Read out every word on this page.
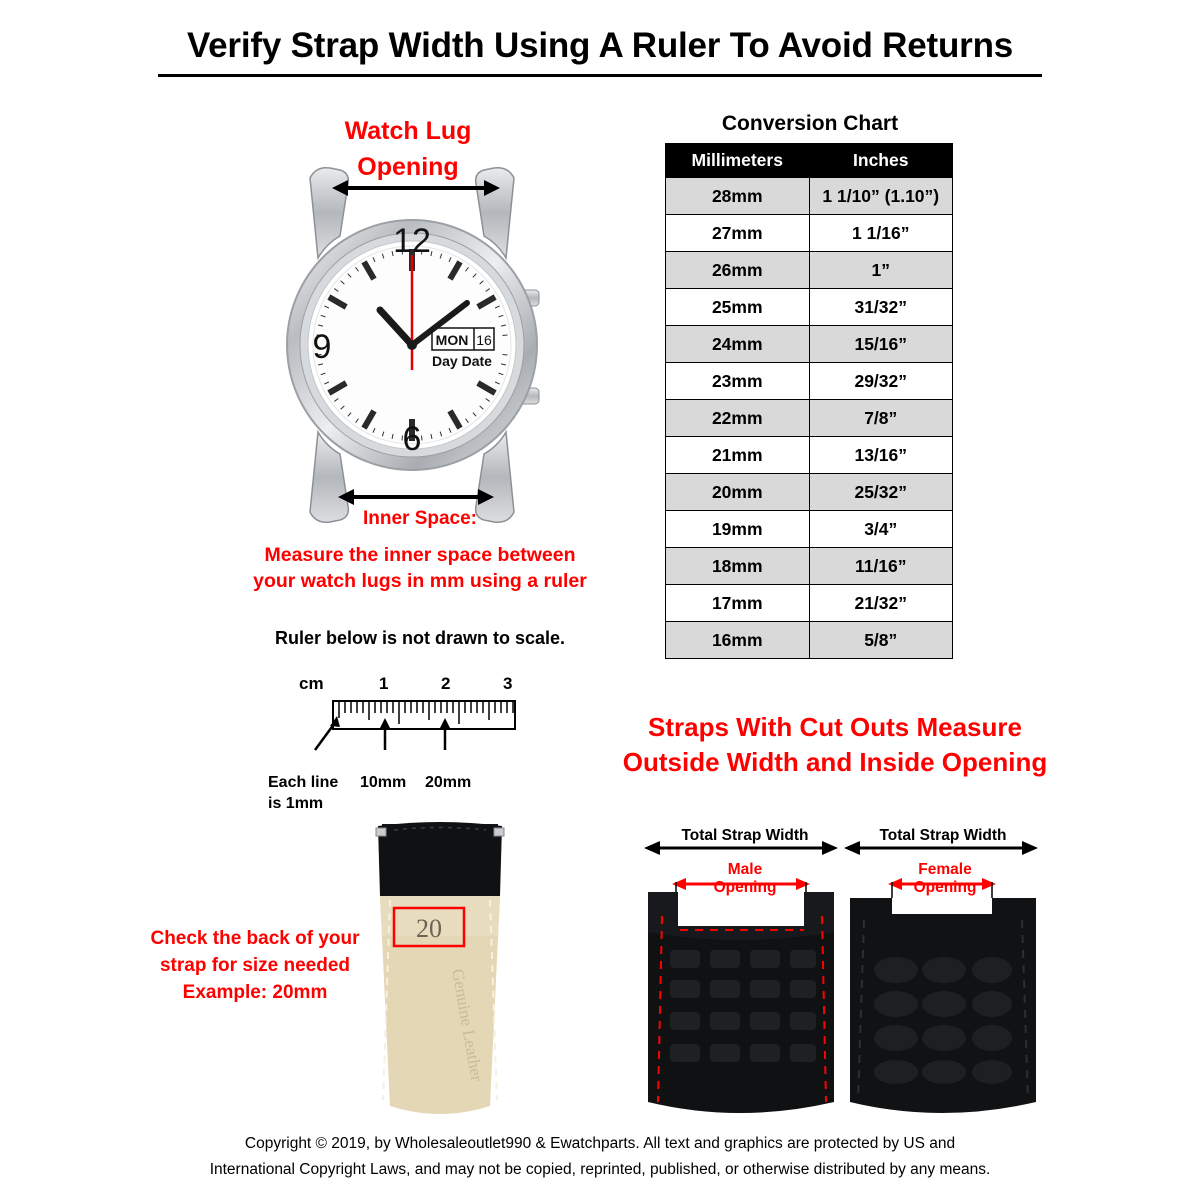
Verify Strap Width Using A Ruler To Avoid Returns
Watch Lug
Opening
12
9
6
MON 16
Day Date
Inner Space:
Measure the inner space between
your watch lugs in mm using a ruler
Ruler below is not drawn to scale.
cm	1	2	3
Each line
is 1mm
10mm 20mm
20
Genuine Leather
Check the back of your
strap for size needed
Example: 20mm
Conversion Chart
Millimeters	Inches
28mm	1 1/10” (1.10”)
27mm	1 1/16”
26mm	1”
25mm	31/32”
24mm	15/16”
23mm	29/32”
22mm	7/8”
21mm	13/16”
20mm	25/32”
19mm	3/4”
18mm	11/16”
17mm	21/32”
16mm	5/8”
Straps With Cut Outs Measure
Outside Width and Inside Opening
Total Strap Width	Total Strap Width
Male
Opening
Female
Opening
Copyright © 2019, by Wholesaleoutlet990 & Ewatchparts. All text and graphics are protected by US and
International Copyright Laws, and may not be copied, reprinted, published, or otherwise distributed by any means.
